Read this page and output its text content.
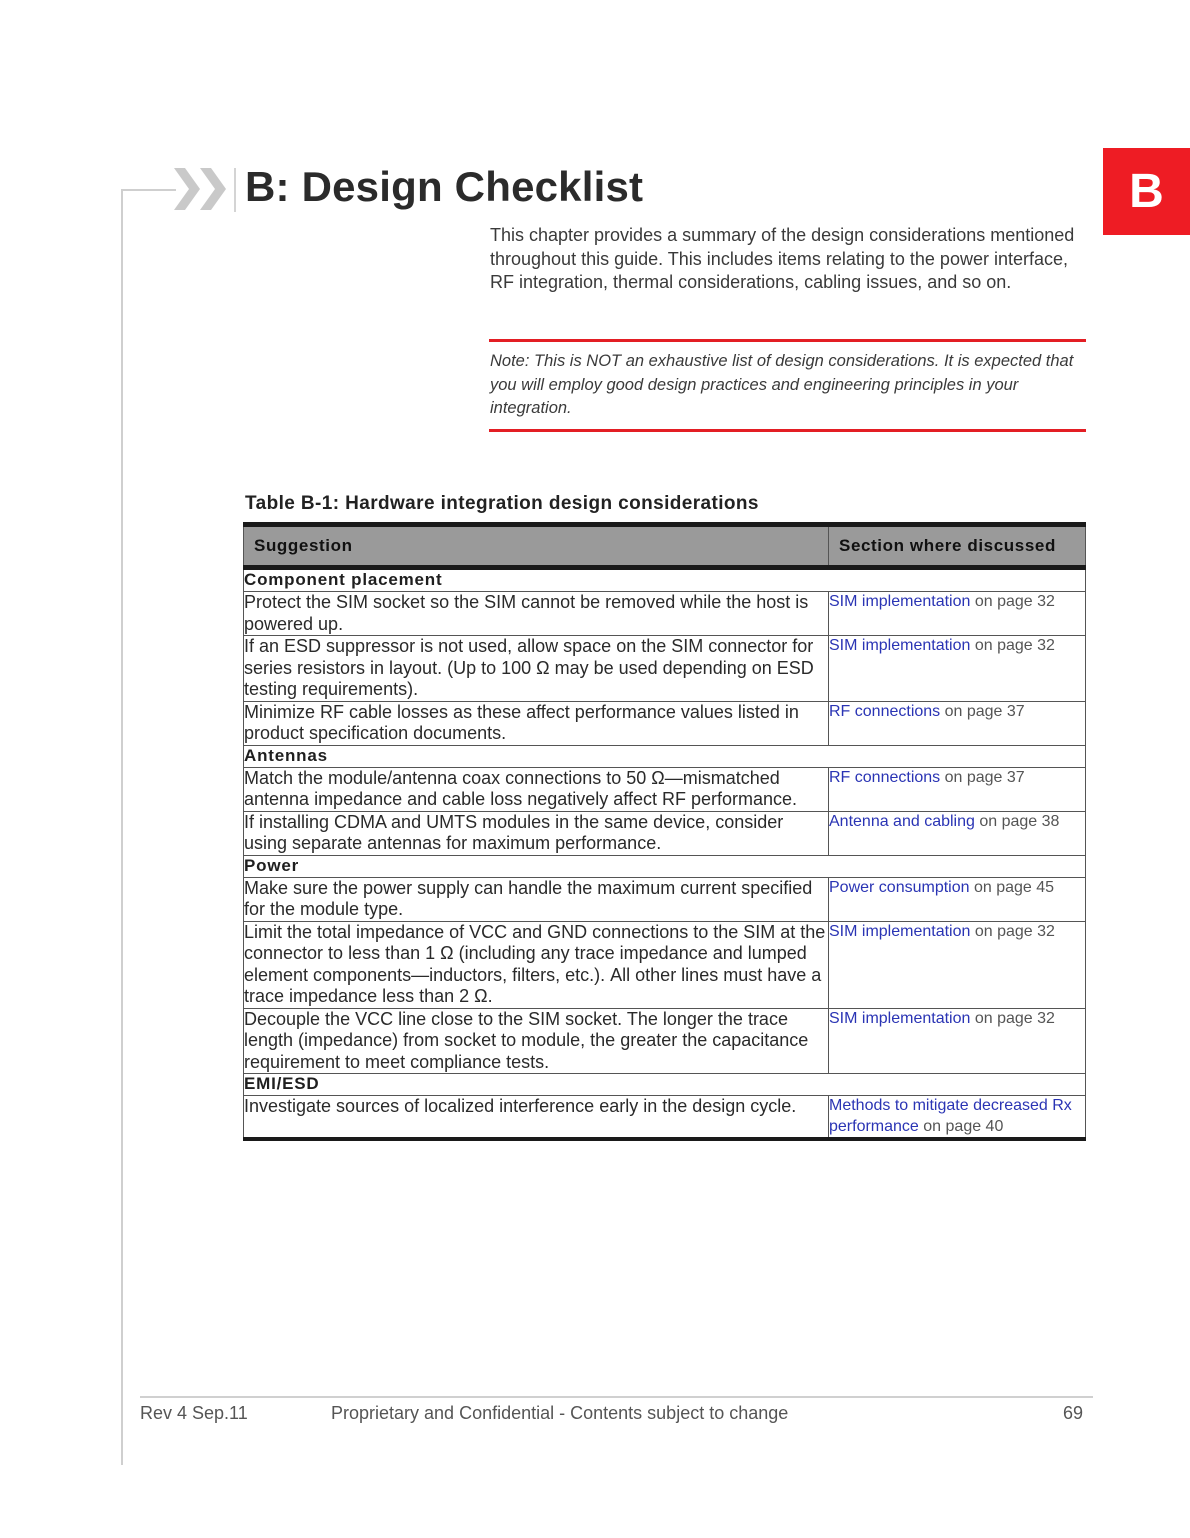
B: Design Checklist	B
This chapter provides a summary of the design considerations mentioned throughout this guide. This includes items relating to the power interface, RF integration, thermal considerations, cabling issues, and so on.
Note: This is NOT an exhaustive list of design considerations. It is expected that you will employ good design practices and engineering principles in your integration.
Table B-1: Hardware integration design considerations
Suggestion	Section where discussed
Component placement	
Protect the SIM socket so the SIM cannot be removed while the host is powered up.	SIM implementation on page 32
If an ESD suppressor is not used, allow space on the SIM connector for series resistors in layout. (Up to 100 Ω may be used depending on ESD testing requirements).	SIM implementation on page 32
Minimize RF cable losses as these affect performance values listed in product specification documents.	RF connections on page 37
Antennas	
Match the module/antenna coax connections to 50 Ω—mismatched antenna impedance and cable loss negatively affect RF performance.	RF connections on page 37
If installing CDMA and UMTS modules in the same device, consider using separate antennas for maximum performance.	Antenna and cabling on page 38
Power	
Make sure the power supply can handle the maximum current specified for the module type.	Power consumption on page 45
Limit the total impedance of VCC and GND connections to the SIM at the connector to less than 1 Ω (including any trace impedance and lumped element components—inductors, filters, etc.). All other lines must have a trace impedance less than 2 Ω.	SIM implementation on page 32
Decouple the VCC line close to the SIM socket. The longer the trace length (impedance) from socket to module, the greater the capacitance requirement to meet compliance tests.	SIM implementation on page 32
EMI/ESD	
Investigate sources of localized interference early in the design cycle.	Methods to mitigate decreased Rx performance on page 40
Rev 4 Sep.11	Proprietary and Confidential - Contents subject to change	69
